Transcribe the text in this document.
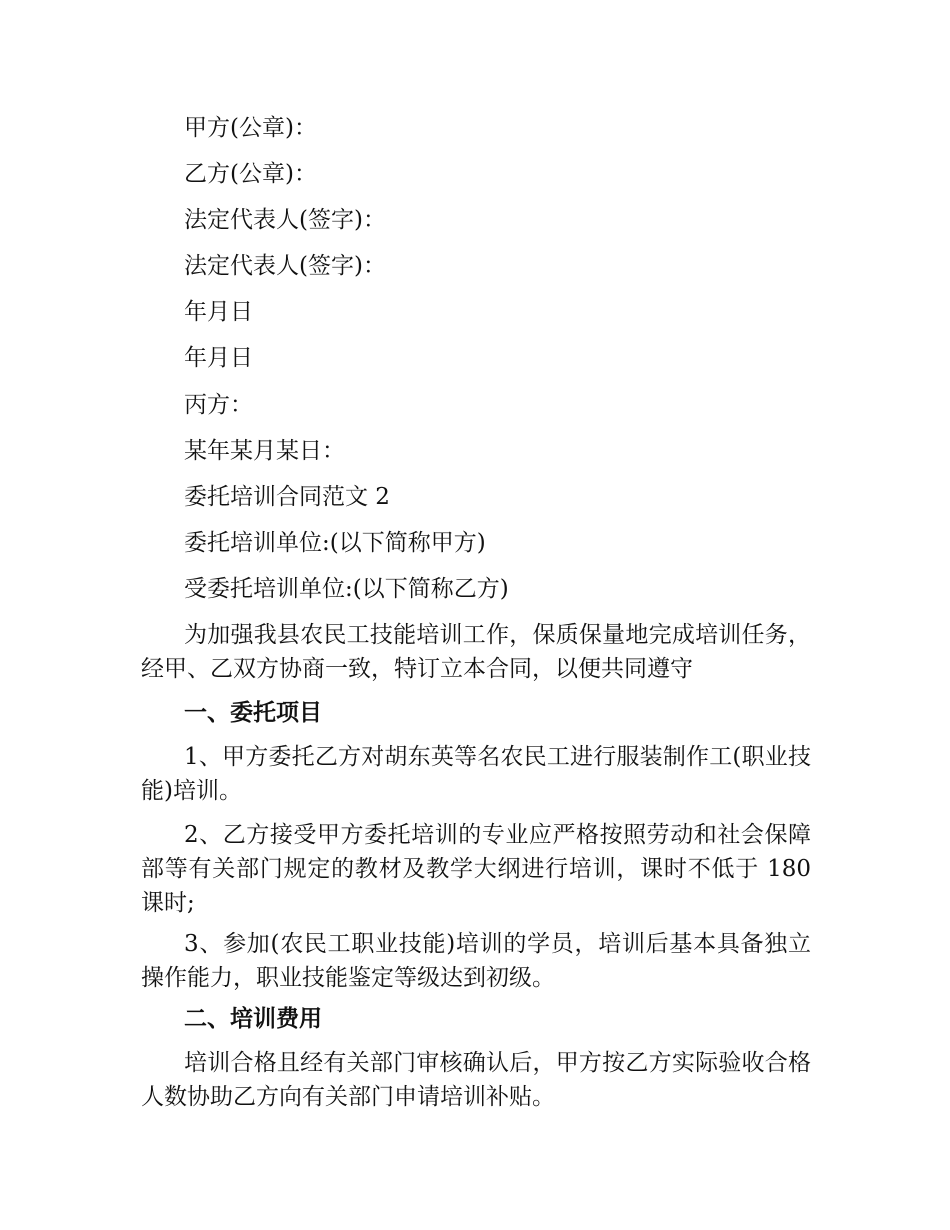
甲方(公章)：
乙方(公章)：
法定代表人(签字)：
法定代表人(签字)：
年月日
年月日
丙方：
某年某月某日：
委托培训合同范文 2
委托培训单位:(以下简称甲方)
受委托培训单位:(以下简称乙方)
为加强我县农民工技能培训工作，保质保量地完成培训任务，经甲、乙双方协商一致，特订立本合同，以便共同遵守
一、委托项目
1、甲方委托乙方对胡东英等名农民工进行服装制作工(职业技能)培训。
2、乙方接受甲方委托培训的专业应严格按照劳动和社会保障部等有关部门规定的教材及教学大纲进行培训，课时不低于 180 课时;
3、参加(农民工职业技能)培训的学员，培训后基本具备独立操作能力，职业技能鉴定等级达到初级。
二、培训费用
培训合格且经有关部门审核确认后，甲方按乙方实际验收合格人数协助乙方向有关部门申请培训补贴。
